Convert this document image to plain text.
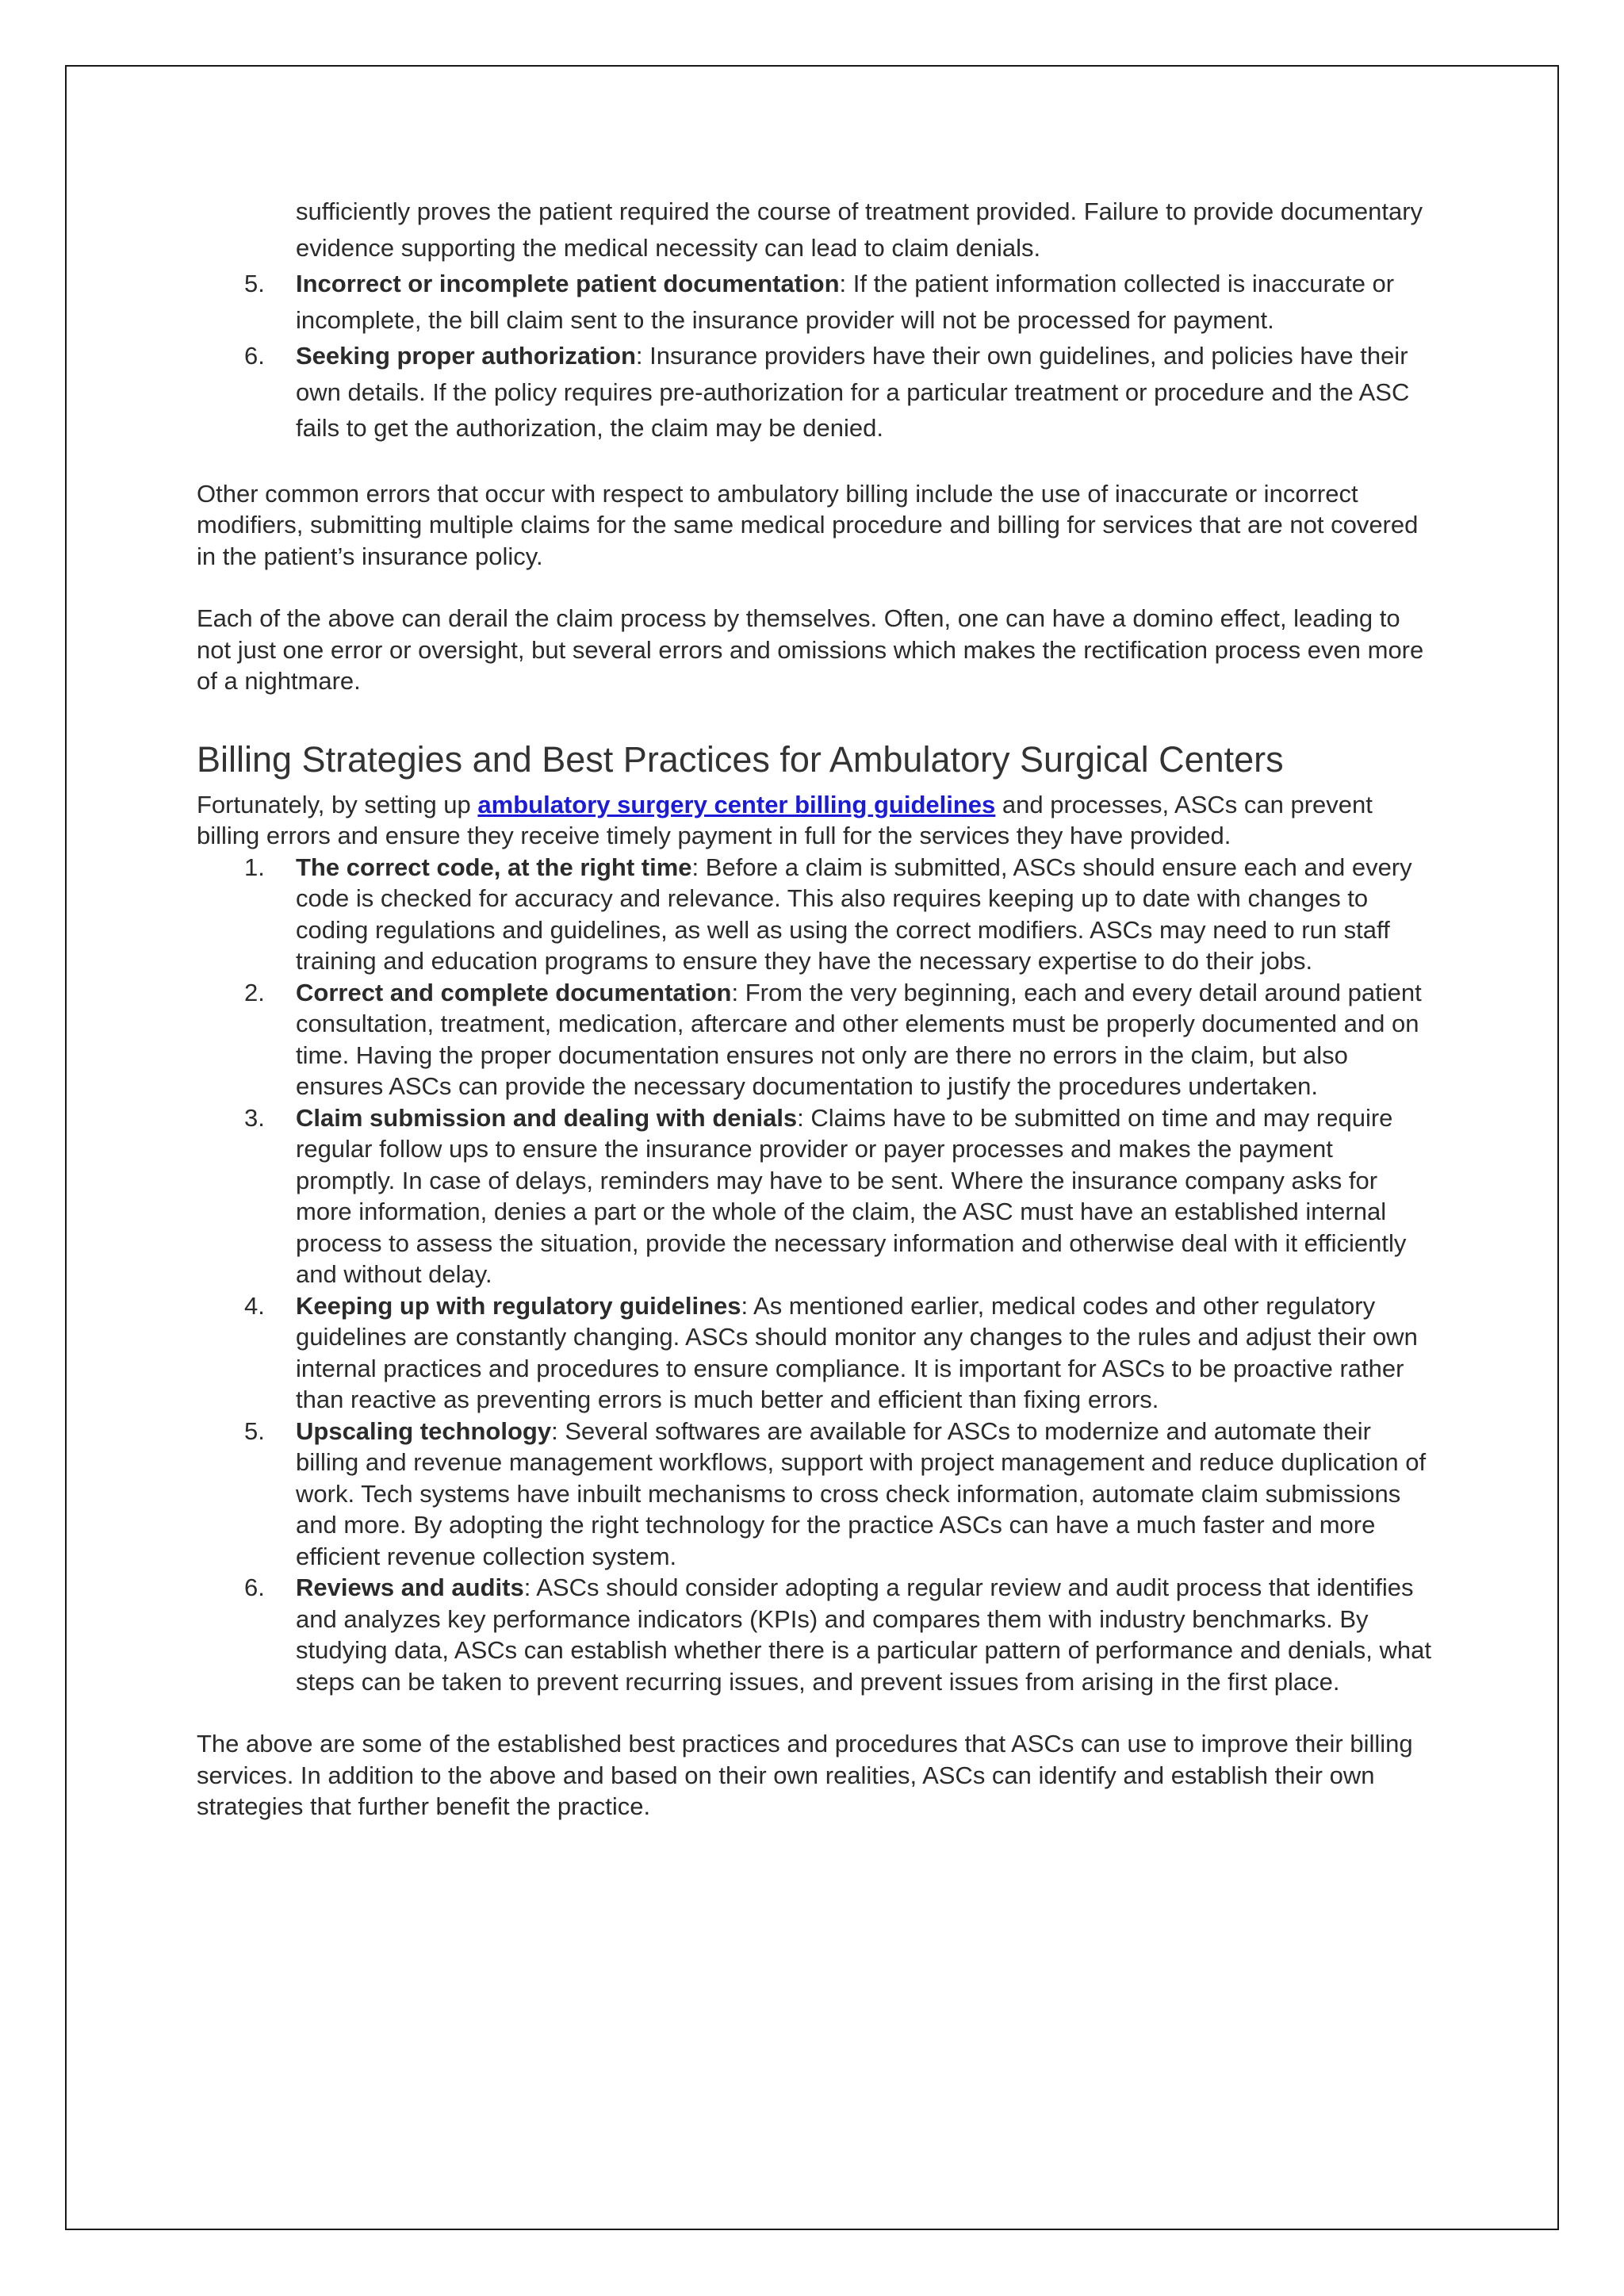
sufficiently proves the patient required the course of treatment provided. Failure to provide documentary evidence supporting the medical necessity can lead to claim denials.
5. Incorrect or incomplete patient documentation: If the patient information collected is inaccurate or incomplete, the bill claim sent to the insurance provider will not be processed for payment.
6. Seeking proper authorization: Insurance providers have their own guidelines, and policies have their own details. If the policy requires pre-authorization for a particular treatment or procedure and the ASC fails to get the authorization, the claim may be denied.

Other common errors that occur with respect to ambulatory billing include the use of inaccurate or incorrect modifiers, submitting multiple claims for the same medical procedure and billing for services that are not covered in the patient’s insurance policy.

Each of the above can derail the claim process by themselves. Often, one can have a domino effect, leading to not just one error or oversight, but several errors and omissions which makes the rectification process even more of a nightmare.

Billing Strategies and Best Practices for Ambulatory Surgical Centers

Fortunately, by setting up ambulatory surgery center billing guidelines and processes, ASCs can prevent billing errors and ensure they receive timely payment in full for the services they have provided.

1. The correct code, at the right time: Before a claim is submitted, ASCs should ensure each and every code is checked for accuracy and relevance. This also requires keeping up to date with changes to coding regulations and guidelines, as well as using the correct modifiers. ASCs may need to run staff training and education programs to ensure they have the necessary expertise to do their jobs.
2. Correct and complete documentation: From the very beginning, each and every detail around patient consultation, treatment, medication, aftercare and other elements must be properly documented and on time. Having the proper documentation ensures not only are there no errors in the claim, but also ensures ASCs can provide the necessary documentation to justify the procedures undertaken.
3. Claim submission and dealing with denials: Claims have to be submitted on time and may require regular follow ups to ensure the insurance provider or payer processes and makes the payment promptly. In case of delays, reminders may have to be sent. Where the insurance company asks for more information, denies a part or the whole of the claim, the ASC must have an established internal process to assess the situation, provide the necessary information and otherwise deal with it efficiently and without delay.
4. Keeping up with regulatory guidelines: As mentioned earlier, medical codes and other regulatory guidelines are constantly changing. ASCs should monitor any changes to the rules and adjust their own internal practices and procedures to ensure compliance. It is important for ASCs to be proactive rather than reactive as preventing errors is much better and efficient than fixing errors.
5. Upscaling technology: Several softwares are available for ASCs to modernize and automate their billing and revenue management workflows, support with project management and reduce duplication of work. Tech systems have inbuilt mechanisms to cross check information, automate claim submissions and more. By adopting the right technology for the practice ASCs can have a much faster and more efficient revenue collection system.
6. Reviews and audits: ASCs should consider adopting a regular review and audit process that identifies and analyzes key performance indicators (KPIs) and compares them with industry benchmarks. By studying data, ASCs can establish whether there is a particular pattern of performance and denials, what steps can be taken to prevent recurring issues, and prevent issues from arising in the first place.

The above are some of the established best practices and procedures that ASCs can use to improve their billing services. In addition to the above and based on their own realities, ASCs can identify and establish their own strategies that further benefit the practice.
